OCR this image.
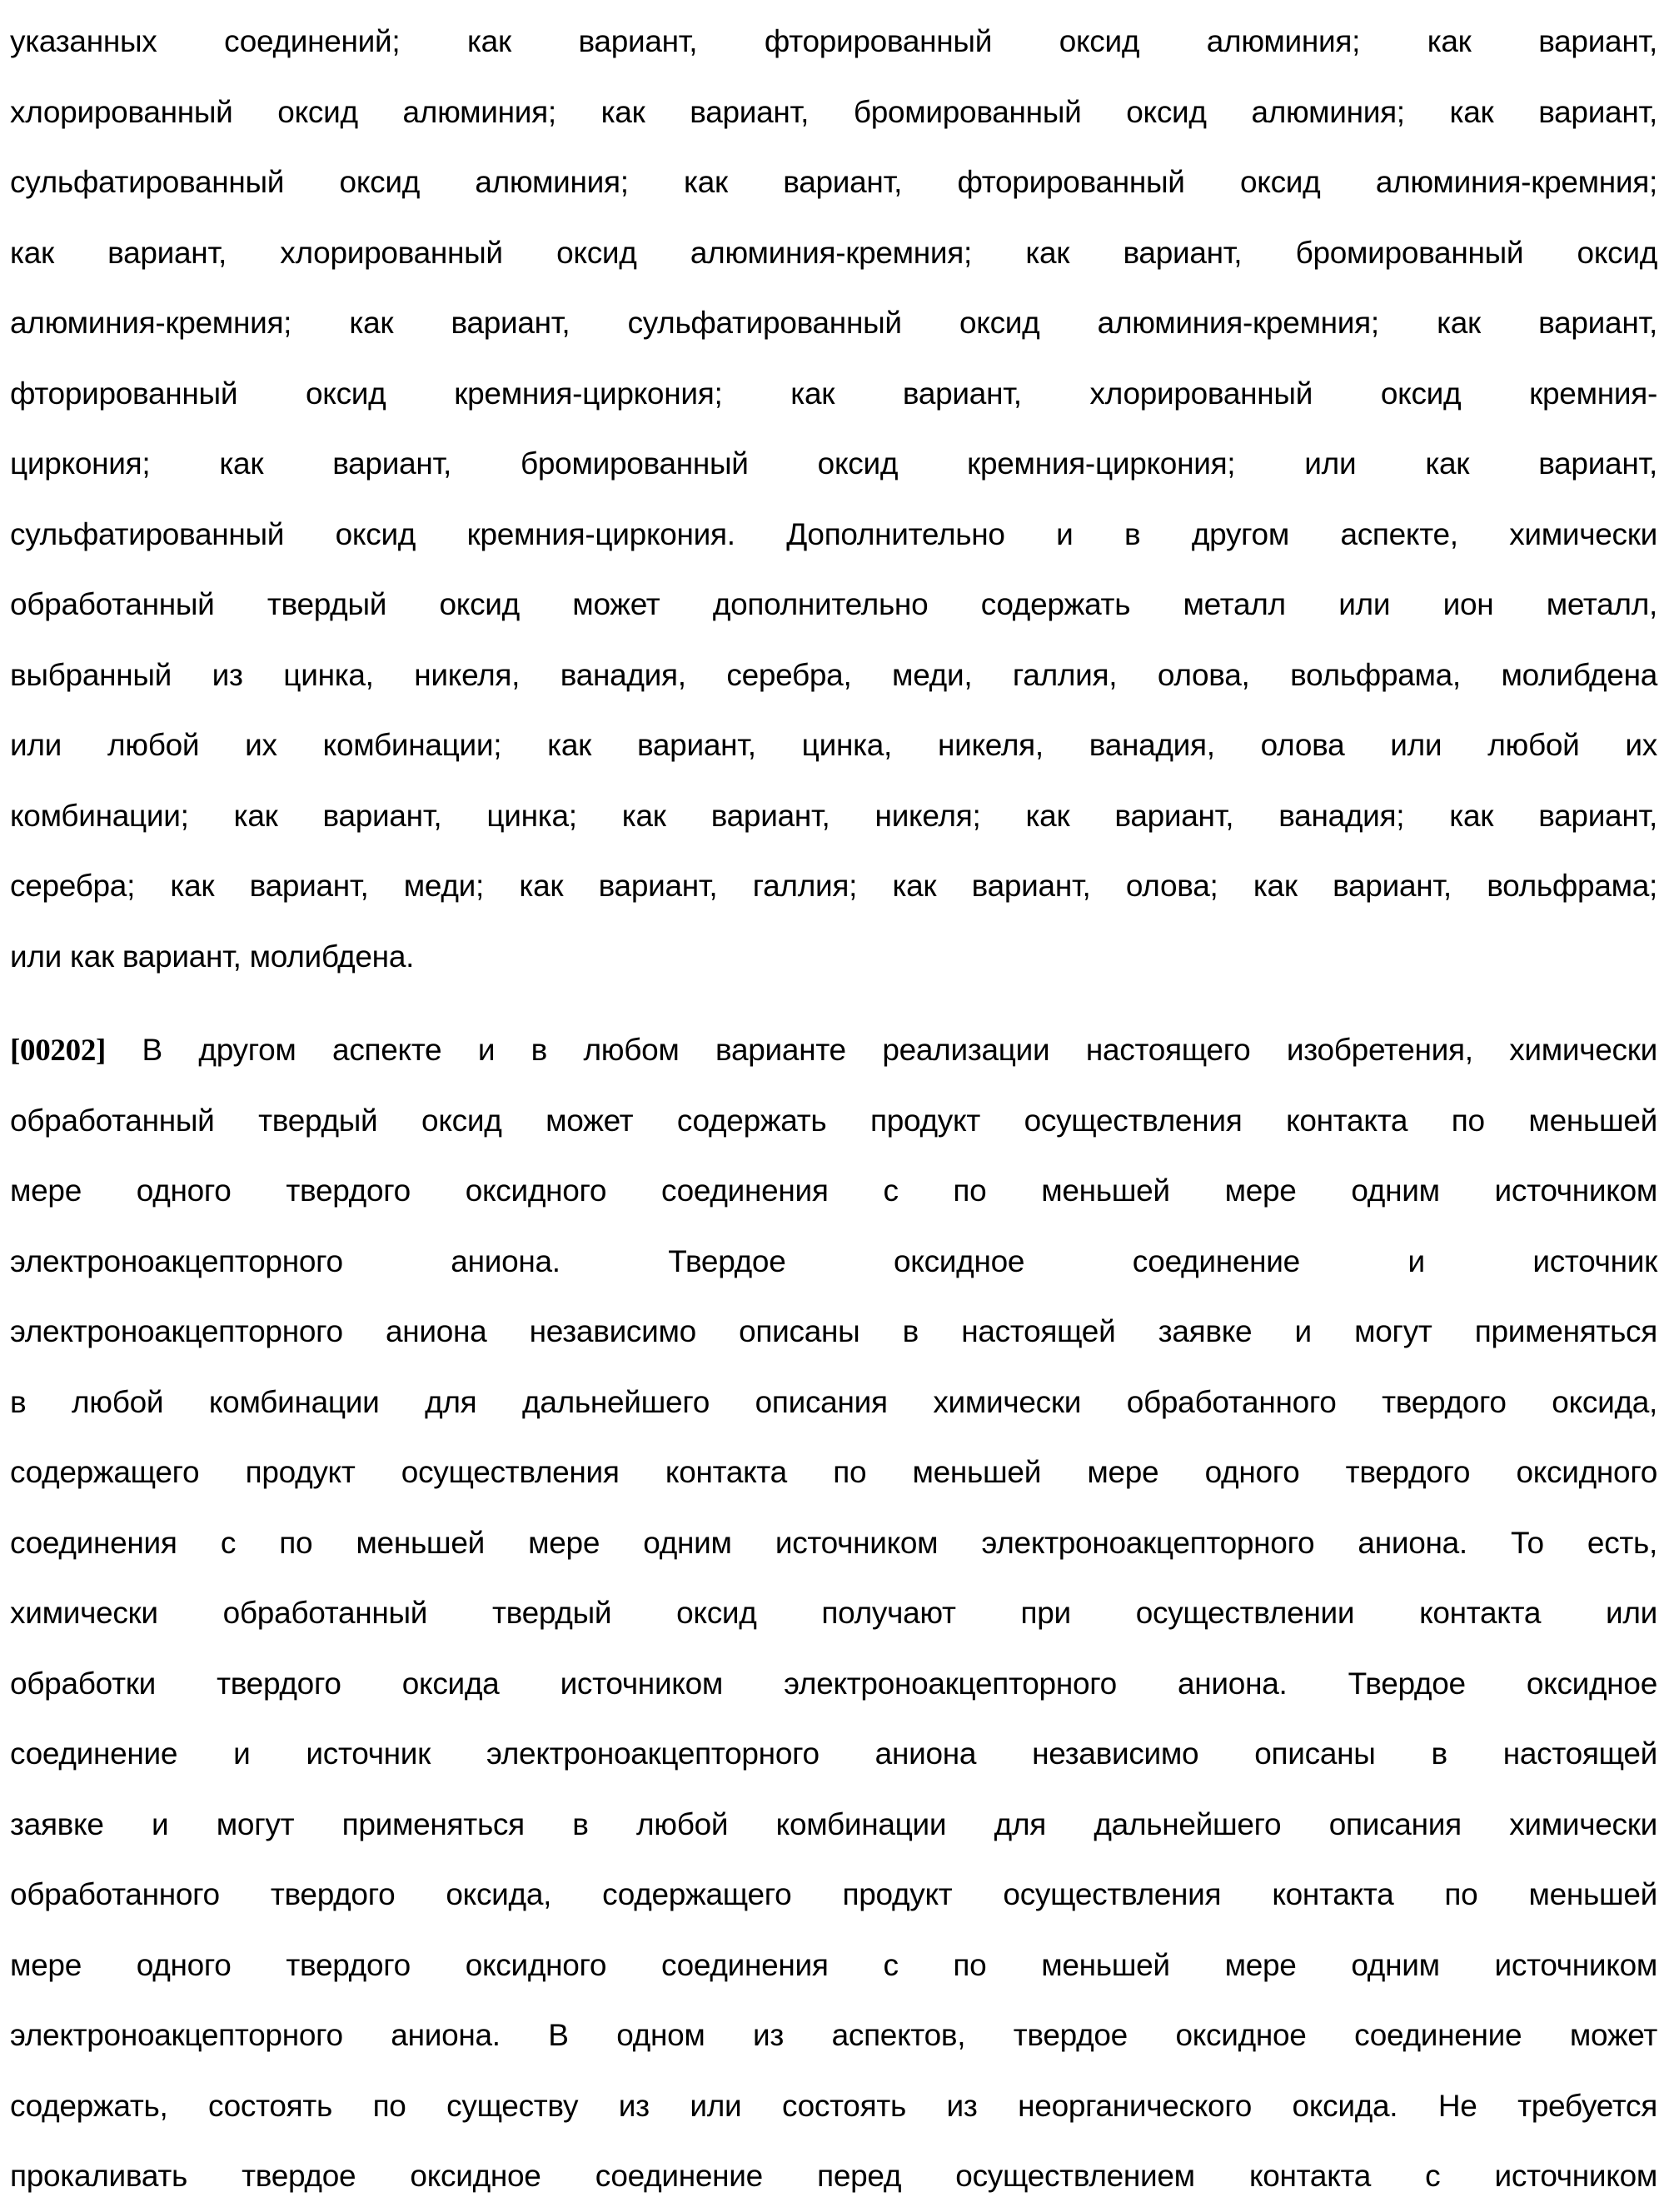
указанных соединений; как вариант, фторированный оксид алюминия; как вариант,
хлорированный оксид алюминия; как вариант, бромированный оксид алюминия; как вариант,
сульфатированный оксид алюминия; как вариант, фторированный оксид алюминия-кремния;
как вариант, хлорированный оксид алюминия-кремния; как вариант, бромированный оксид
алюминия-кремния; как вариант, сульфатированный оксид алюминия-кремния; как вариант,
фторированный оксид кремния-циркония; как вариант, хлорированный оксид кремния-
циркония; как вариант, бромированный оксид кремния-циркония; или как вариант,
сульфатированный оксид кремния-циркония. Дополнительно и в другом аспекте, химически
обработанный твердый оксид может дополнительно содержать металл или ион металл,
выбранный из цинка, никеля, ванадия, серебра, меди, галлия, олова, вольфрама, молибдена
или любой их комбинации; как вариант, цинка, никеля, ванадия, олова или любой их
комбинации; как вариант, цинка; как вариант, никеля; как вариант, ванадия; как вариант,
серебра; как вариант, меди; как вариант, галлия; как вариант, олова; как вариант, вольфрама;
или как вариант, молибдена.
[00202] В другом аспекте и в любом варианте реализации настоящего изобретения, химически
обработанный твердый оксид может содержать продукт осуществления контакта по меньшей
мере одного твердого оксидного соединения с по меньшей мере одним источником
электроноакцепторного аниона. Твердое оксидное соединение и источник
электроноакцепторного аниона независимо описаны в настоящей заявке и могут применяться
в любой комбинации для дальнейшего описания химически обработанного твердого оксида,
содержащего продукт осуществления контакта по меньшей мере одного твердого оксидного
соединения с по меньшей мере одним источником электроноакцепторного аниона. То есть,
химически обработанный твердый оксид получают при осуществлении контакта или
обработки твердого оксида источником электроноакцепторного аниона. Твердое оксидное
соединение и источник электроноакцепторного аниона независимо описаны в настоящей
заявке и могут применяться в любой комбинации для дальнейшего описания химически
обработанного твердого оксида, содержащего продукт осуществления контакта по меньшей
мере одного твердого оксидного соединения с по меньшей мере одним источником
электроноакцепторного аниона. В одном из аспектов, твердое оксидное соединение может
содержать, состоять по существу из или состоять из неорганического оксида. Не требуется
прокаливать твердое оксидное соединение перед осуществлением контакта с источником
